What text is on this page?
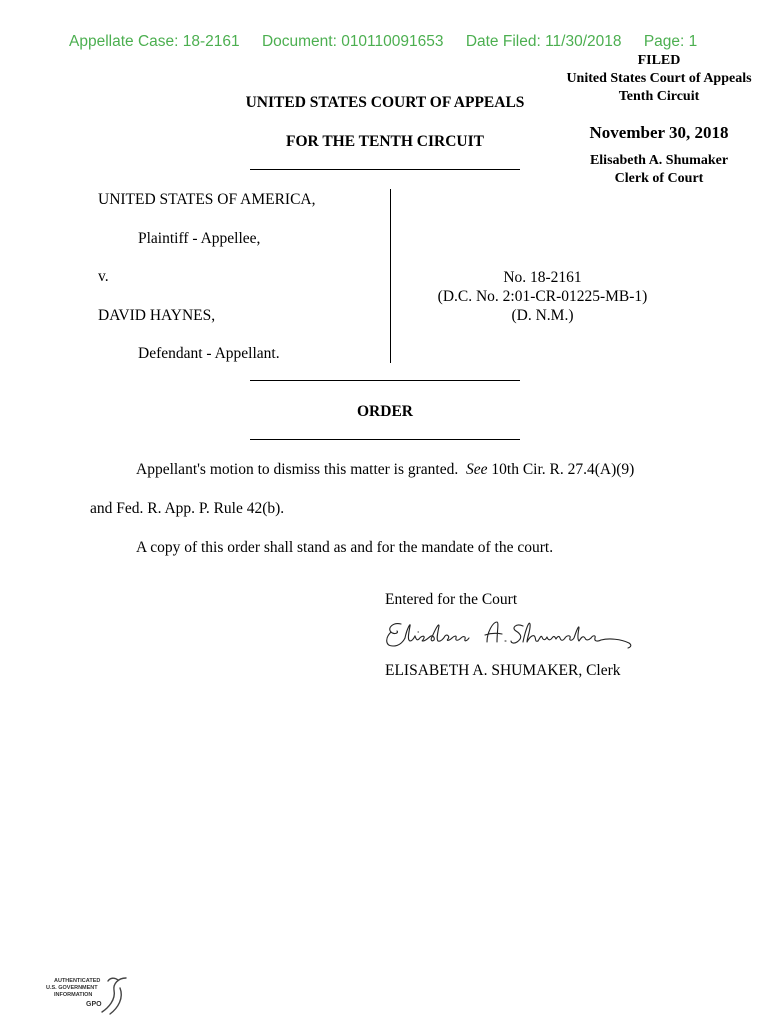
Appellate Case: 18-2161 Document: 010110091653 Date Filed: 11/30/2018 Page: 1
FILED
United States Court of Appeals
Tenth Circuit
November 30, 2018
Elisabeth A. Shumaker
Clerk of Court
UNITED STATES COURT OF APPEALS
FOR THE TENTH CIRCUIT
UNITED STATES OF AMERICA,
Plaintiff - Appellee,
v.
DAVID HAYNES,
Defendant - Appellant.
No. 18-2161
(D.C. No. 2:01-CR-01225-MB-1)
(D. N.M.)
ORDER
Appellant's motion to dismiss this matter is granted.  See 10th Cir. R. 27.4(A)(9)
and Fed. R. App. P. Rule 42(b).
A copy of this order shall stand as and for the mandate of the court.
Entered for the Court
ELISABETH A. SHUMAKER, Clerk
AUTHENTICATED
U.S. GOVERNMENT
INFORMATION
GPO
